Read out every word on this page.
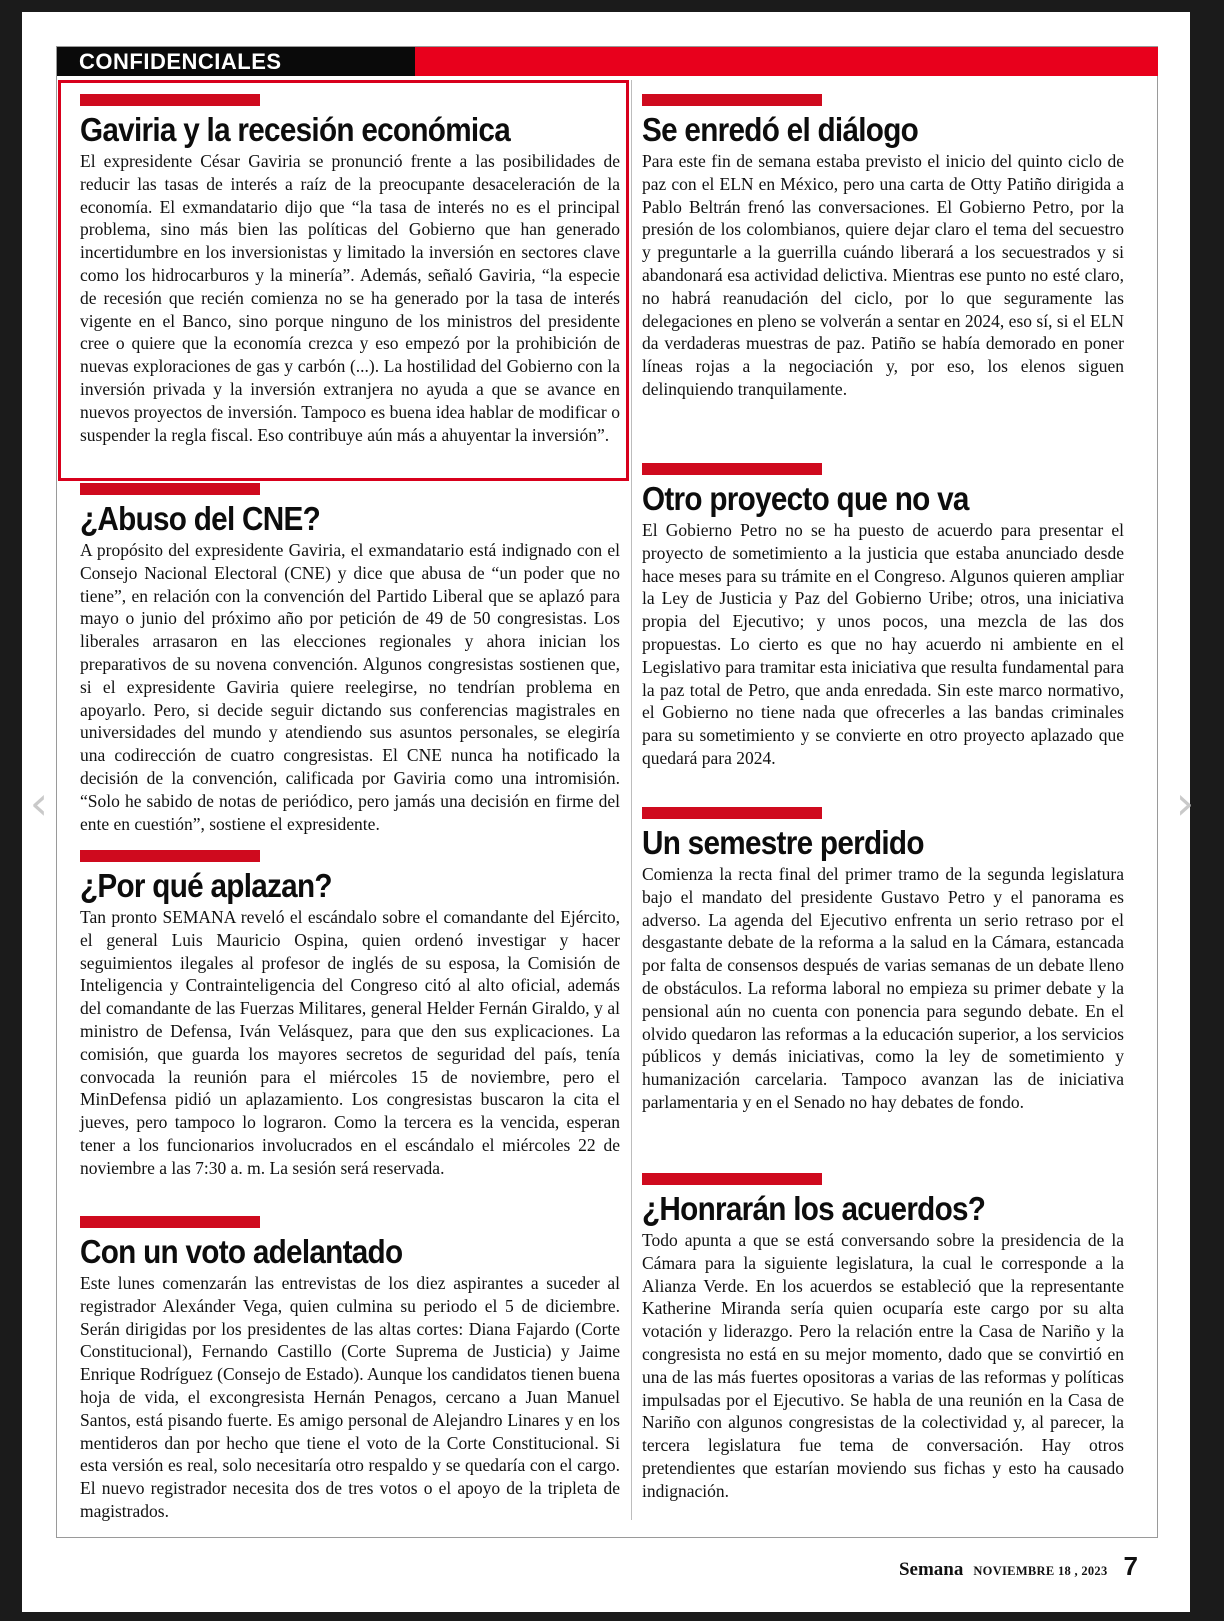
CONFIDENCIALES
Gaviria y la recesión económica

El expresidente César Gaviria se pronunció frente a las posibilidades de reducir las tasas de interés a raíz de la preocupante desaceleración de la economía. El exmandatario dijo que “la tasa de interés no es el principal problema, sino más bien las políticas del Gobierno que han generado incertidumbre en los inversionistas y limitado la inversión en sectores clave como los hidrocarburos y la minería”. Además, señaló Gaviria, “la especie de recesión que recién comienza no se ha generado por la tasa de interés vigente en el Banco, sino porque ninguno de los ministros del presidente cree o quiere que la economía crezca y eso empezó por la prohibición de nuevas exploraciones de gas y carbón (...). La hostilidad del Gobierno con la inversión privada y la inversión extranjera no ayuda a que se avance en nuevos proyectos de inversión. Tampoco es buena idea hablar de modificar o suspender la regla fiscal. Eso contribuye aún más a ahuyentar la inversión”.

¿Abuso del CNE?

A propósito del expresidente Gaviria, el exmandatario está indignado con el Consejo Nacional Electoral (CNE) y dice que abusa de “un poder que no tiene”, en relación con la convención del Partido Liberal que se aplazó para mayo o junio del próximo año por petición de 49 de 50 congresistas. Los liberales arrasaron en las elecciones regionales y ahora inician los preparativos de su novena convención. Algunos congresistas sostienen que, si el expresidente Gaviria quiere reelegirse, no tendrían problema en apoyarlo. Pero, si decide seguir dictando sus conferencias magistrales en universidades del mundo y atendiendo sus asuntos personales, se elegiría una codirección de cuatro congresistas. El CNE nunca ha notificado la decisión de la convención, calificada por Gaviria como una intromisión. “Solo he sabido de notas de periódico, pero jamás una decisión en firme del ente en cuestión”, sostiene el expresidente.

¿Por qué aplazan?

Tan pronto SEMANA reveló el escándalo sobre el comandante del Ejército, el general Luis Mauricio Ospina, quien ordenó investigar y hacer seguimientos ilegales al profesor de inglés de su esposa, la Comisión de Inteligencia y Contrainteligencia del Congreso citó al alto oficial, además del comandante de las Fuerzas Militares, general Helder Fernán Giraldo, y al ministro de Defensa, Iván Velásquez, para que den sus explicaciones. La comisión, que guarda los mayores secretos de seguridad del país, tenía convocada la reunión para el miércoles 15 de noviembre, pero el MinDefensa pidió un aplazamiento. Los congresistas buscaron la cita el jueves, pero tampoco lo lograron. Como la tercera es la vencida, esperan tener a los funcionarios involucrados en el escándalo el miércoles 22 de noviembre a las 7:30 a. m. La sesión será reservada.

Con un voto adelantado

Este lunes comenzarán las entrevistas de los diez aspirantes a suceder al registrador Alexánder Vega, quien culmina su periodo el 5 de diciembre. Serán dirigidas por los presidentes de las altas cortes: Diana Fajardo (Corte Constitucional), Fernando Castillo (Corte Suprema de Justicia) y Jaime Enrique Rodríguez (Consejo de Estado). Aunque los candidatos tienen buena hoja de vida, el excongresista Hernán Penagos, cercano a Juan Manuel Santos, está pisando fuerte. Es amigo personal de Alejandro Linares y en los mentideros dan por hecho que tiene el voto de la Corte Constitucional. Si esta versión es real, solo necesitaría otro respaldo y se quedaría con el cargo. El nuevo registrador necesita dos de tres votos o el apoyo de la tripleta de magistrados.

Se enredó el diálogo

Para este fin de semana estaba previsto el inicio del quinto ciclo de paz con el ELN en México, pero una carta de Otty Patiño dirigida a Pablo Beltrán frenó las conversaciones. El Gobierno Petro, por la presión de los colombianos, quiere dejar claro el tema del secuestro y preguntarle a la guerrilla cuándo liberará a los secuestrados y si abandonará esa actividad delictiva. Mientras ese punto no esté claro, no habrá reanudación del ciclo, por lo que seguramente las delegaciones en pleno se volverán a sentar en 2024, eso sí, si el ELN da verdaderas muestras de paz. Patiño se había demorado en poner líneas rojas a la negociación y, por eso, los elenos siguen delinquiendo tranquilamente.

Otro proyecto que no va

El Gobierno Petro no se ha puesto de acuerdo para presentar el proyecto de sometimiento a la justicia que estaba anunciado desde hace meses para su trámite en el Congreso. Algunos quieren ampliar la Ley de Justicia y Paz del Gobierno Uribe; otros, una iniciativa propia del Ejecutivo; y unos pocos, una mezcla de las dos propuestas. Lo cierto es que no hay acuerdo ni ambiente en el Legislativo para tramitar esta iniciativa que resulta fundamental para la paz total de Petro, que anda enredada. Sin este marco normativo, el Gobierno no tiene nada que ofrecerles a las bandas criminales para su sometimiento y se convierte en otro proyecto aplazado que quedará para 2024.

Un semestre perdido

Comienza la recta final del primer tramo de la segunda legislatura bajo el mandato del presidente Gustavo Petro y el panorama es adverso. La agenda del Ejecutivo enfrenta un serio retraso por el desgastante debate de la reforma a la salud en la Cámara, estancada por falta de consensos después de varias semanas de un debate lleno de obstáculos. La reforma laboral no empieza su primer debate y la pensional aún no cuenta con ponencia para segundo debate. En el olvido quedaron las reformas a la educación superior, a los servicios públicos y demás iniciativas, como la ley de sometimiento y humanización carcelaria. Tampoco avanzan las de iniciativa parlamentaria y en el Senado no hay debates de fondo.

¿Honrarán los acuerdos?

Todo apunta a que se está conversando sobre la presidencia de la Cámara para la siguiente legislatura, la cual le corresponde a la Alianza Verde. En los acuerdos se estableció que la representante Katherine Miranda sería quien ocuparía este cargo por su alta votación y liderazgo. Pero la relación entre la Casa de Nariño y la congresista no está en su mejor momento, dado que se convirtió en una de las más fuertes opositoras a varias de las reformas y políticas impulsadas por el Ejecutivo. Se habla de una reunión en la Casa de Nariño con algunos congresistas de la colectividad y, al parecer, la tercera legislatura fue tema de conversación. Hay otros pretendientes que estarían moviendo sus fichas y esto ha causado indignación.

‹	›
Semana NOVIEMBRE 18 , 2023 7
